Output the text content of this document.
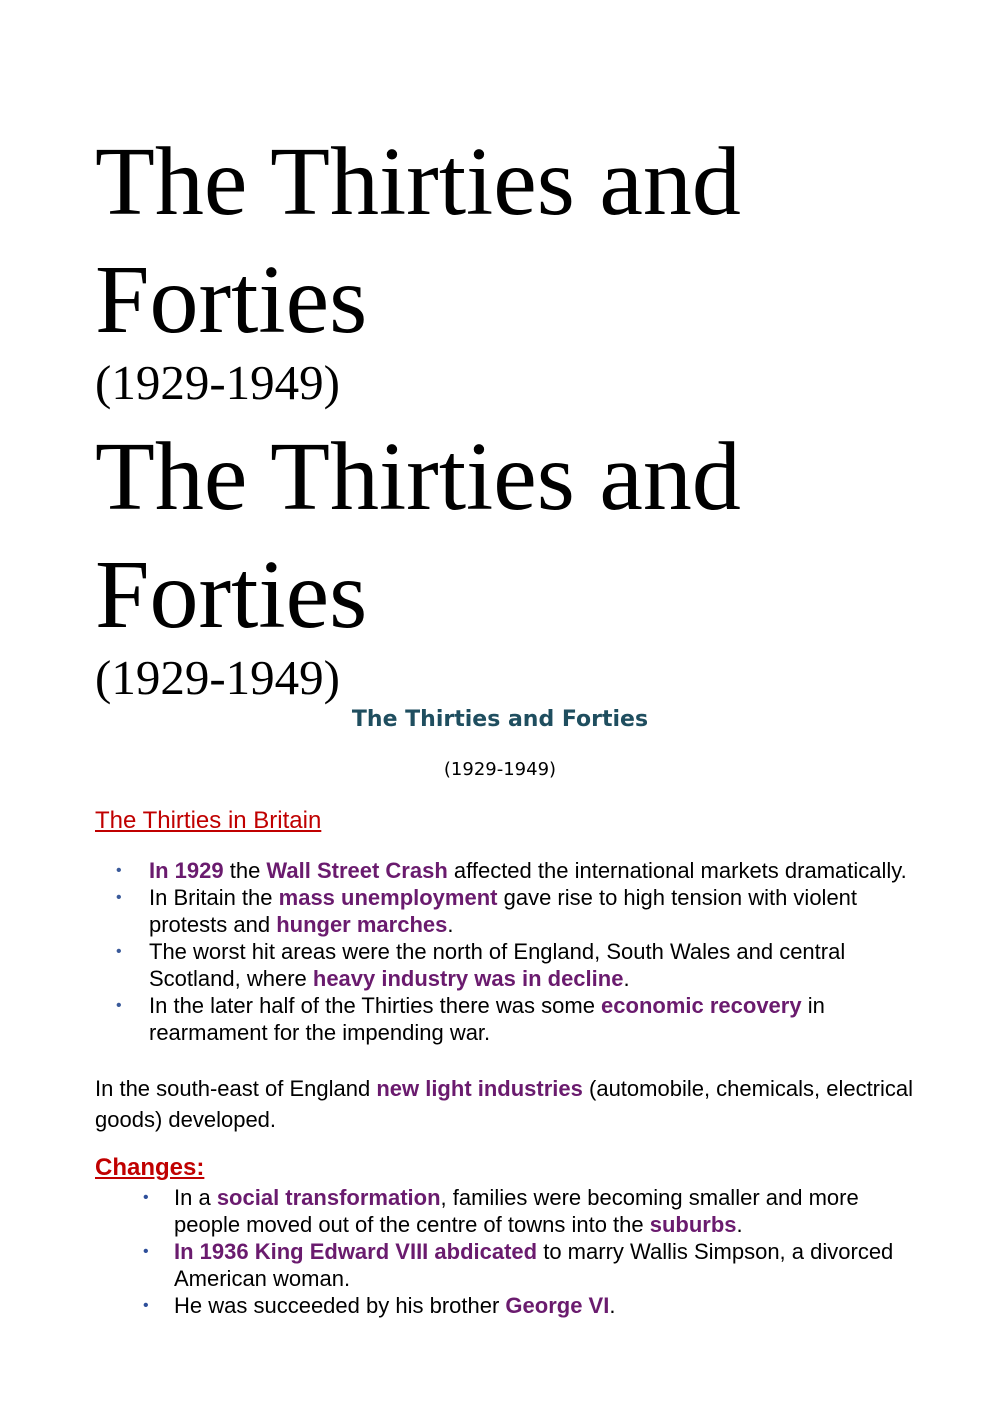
The Thirties and Forties
(1929-1949)
The Thirties and Forties
(1929-1949)
The Thirties and Forties
(1929-1949)
The Thirties in Britain
• In 1929 the Wall Street Crash affected the international markets dramatically.
• In Britain the mass unemployment gave rise to high tension with violent protests and hunger marches.
• The worst hit areas were the north of England, South Wales and central Scotland, where heavy industry was in decline.
• In the later half of the Thirties there was some economic recovery in rearmament for the impending war.

In the south-east of England new light industries (automobile, chemicals, electrical goods) developed.

Changes:
• In a social transformation, families were becoming smaller and more people moved out of the centre of towns into the suburbs.
• In 1936 King Edward VIII abdicated to marry Wallis Simpson, a divorced American woman.
• He was succeeded by his brother George VI.
